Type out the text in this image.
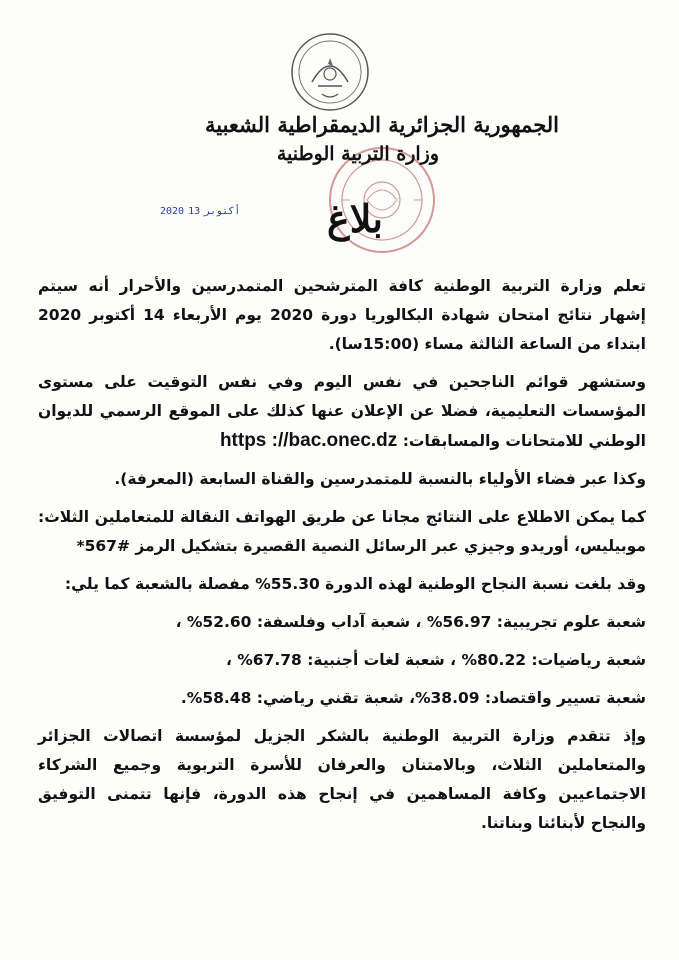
الجمهورية الجزائرية الديمقراطية الشعبية
وزارة التربية الوطنية
2020 أكتوبر13	بلاغ

تعلم وزارة التربية الوطنية كافة المترشحين المتمدرسين والأحرار أنه سيتم إشهار نتائج امتحان شهادة البكالوريا دورة 2020 يوم الأربعاء 14 أكتوبر 2020 ابتداء من الساعة الثالثة مساء (15:00سا).

وستشهر قوائم الناجحين في نفس اليوم وفي نفس التوقيت على مستوى المؤسسات التعليمية، فضلا عن الإعلان عنها كذلك على الموقع الرسمي للديوان الوطني للامتحانات والمسابقات: https ://bac.onec.dz

وكذا عبر فضاء الأولياء بالنسبة للمتمدرسين والقناة السابعة (المعرفة).

كما يمكن الاطلاع على النتائج مجانا عن طريق الهواتف النقالة للمتعاملين الثلاث: موبيليس، أوريدو وجيزي عبر الرسائل النصية القصيرة بتشكيل الرمز #567*

وقد بلغت نسبة النجاح الوطنية لهذه الدورة 55.30% مفصلة بالشعبة كما يلي:

شعبة علوم تجريبية: 56.97% ، شعبة آداب وفلسفة: 52.60% ،

شعبة رياضيات: 80.22% ، شعبة لغات أجنبية: 67.78% ،

شعبة تسيير واقتصاد: 38.09%، شعبة تقني رياضي: 58.48%.

وإذ تتقدم وزارة التربية الوطنية بالشكر الجزيل لمؤسسة اتصالات الجزائر والمتعاملين الثلاث، وبالامتنان والعرفان للأسرة التربوية وجميع الشركاء الاجتماعيين وكافة المساهمين في إنجاح هذه الدورة، فإنها تتمنى التوفيق والنجاح لأبنائنا وبناتنا.
